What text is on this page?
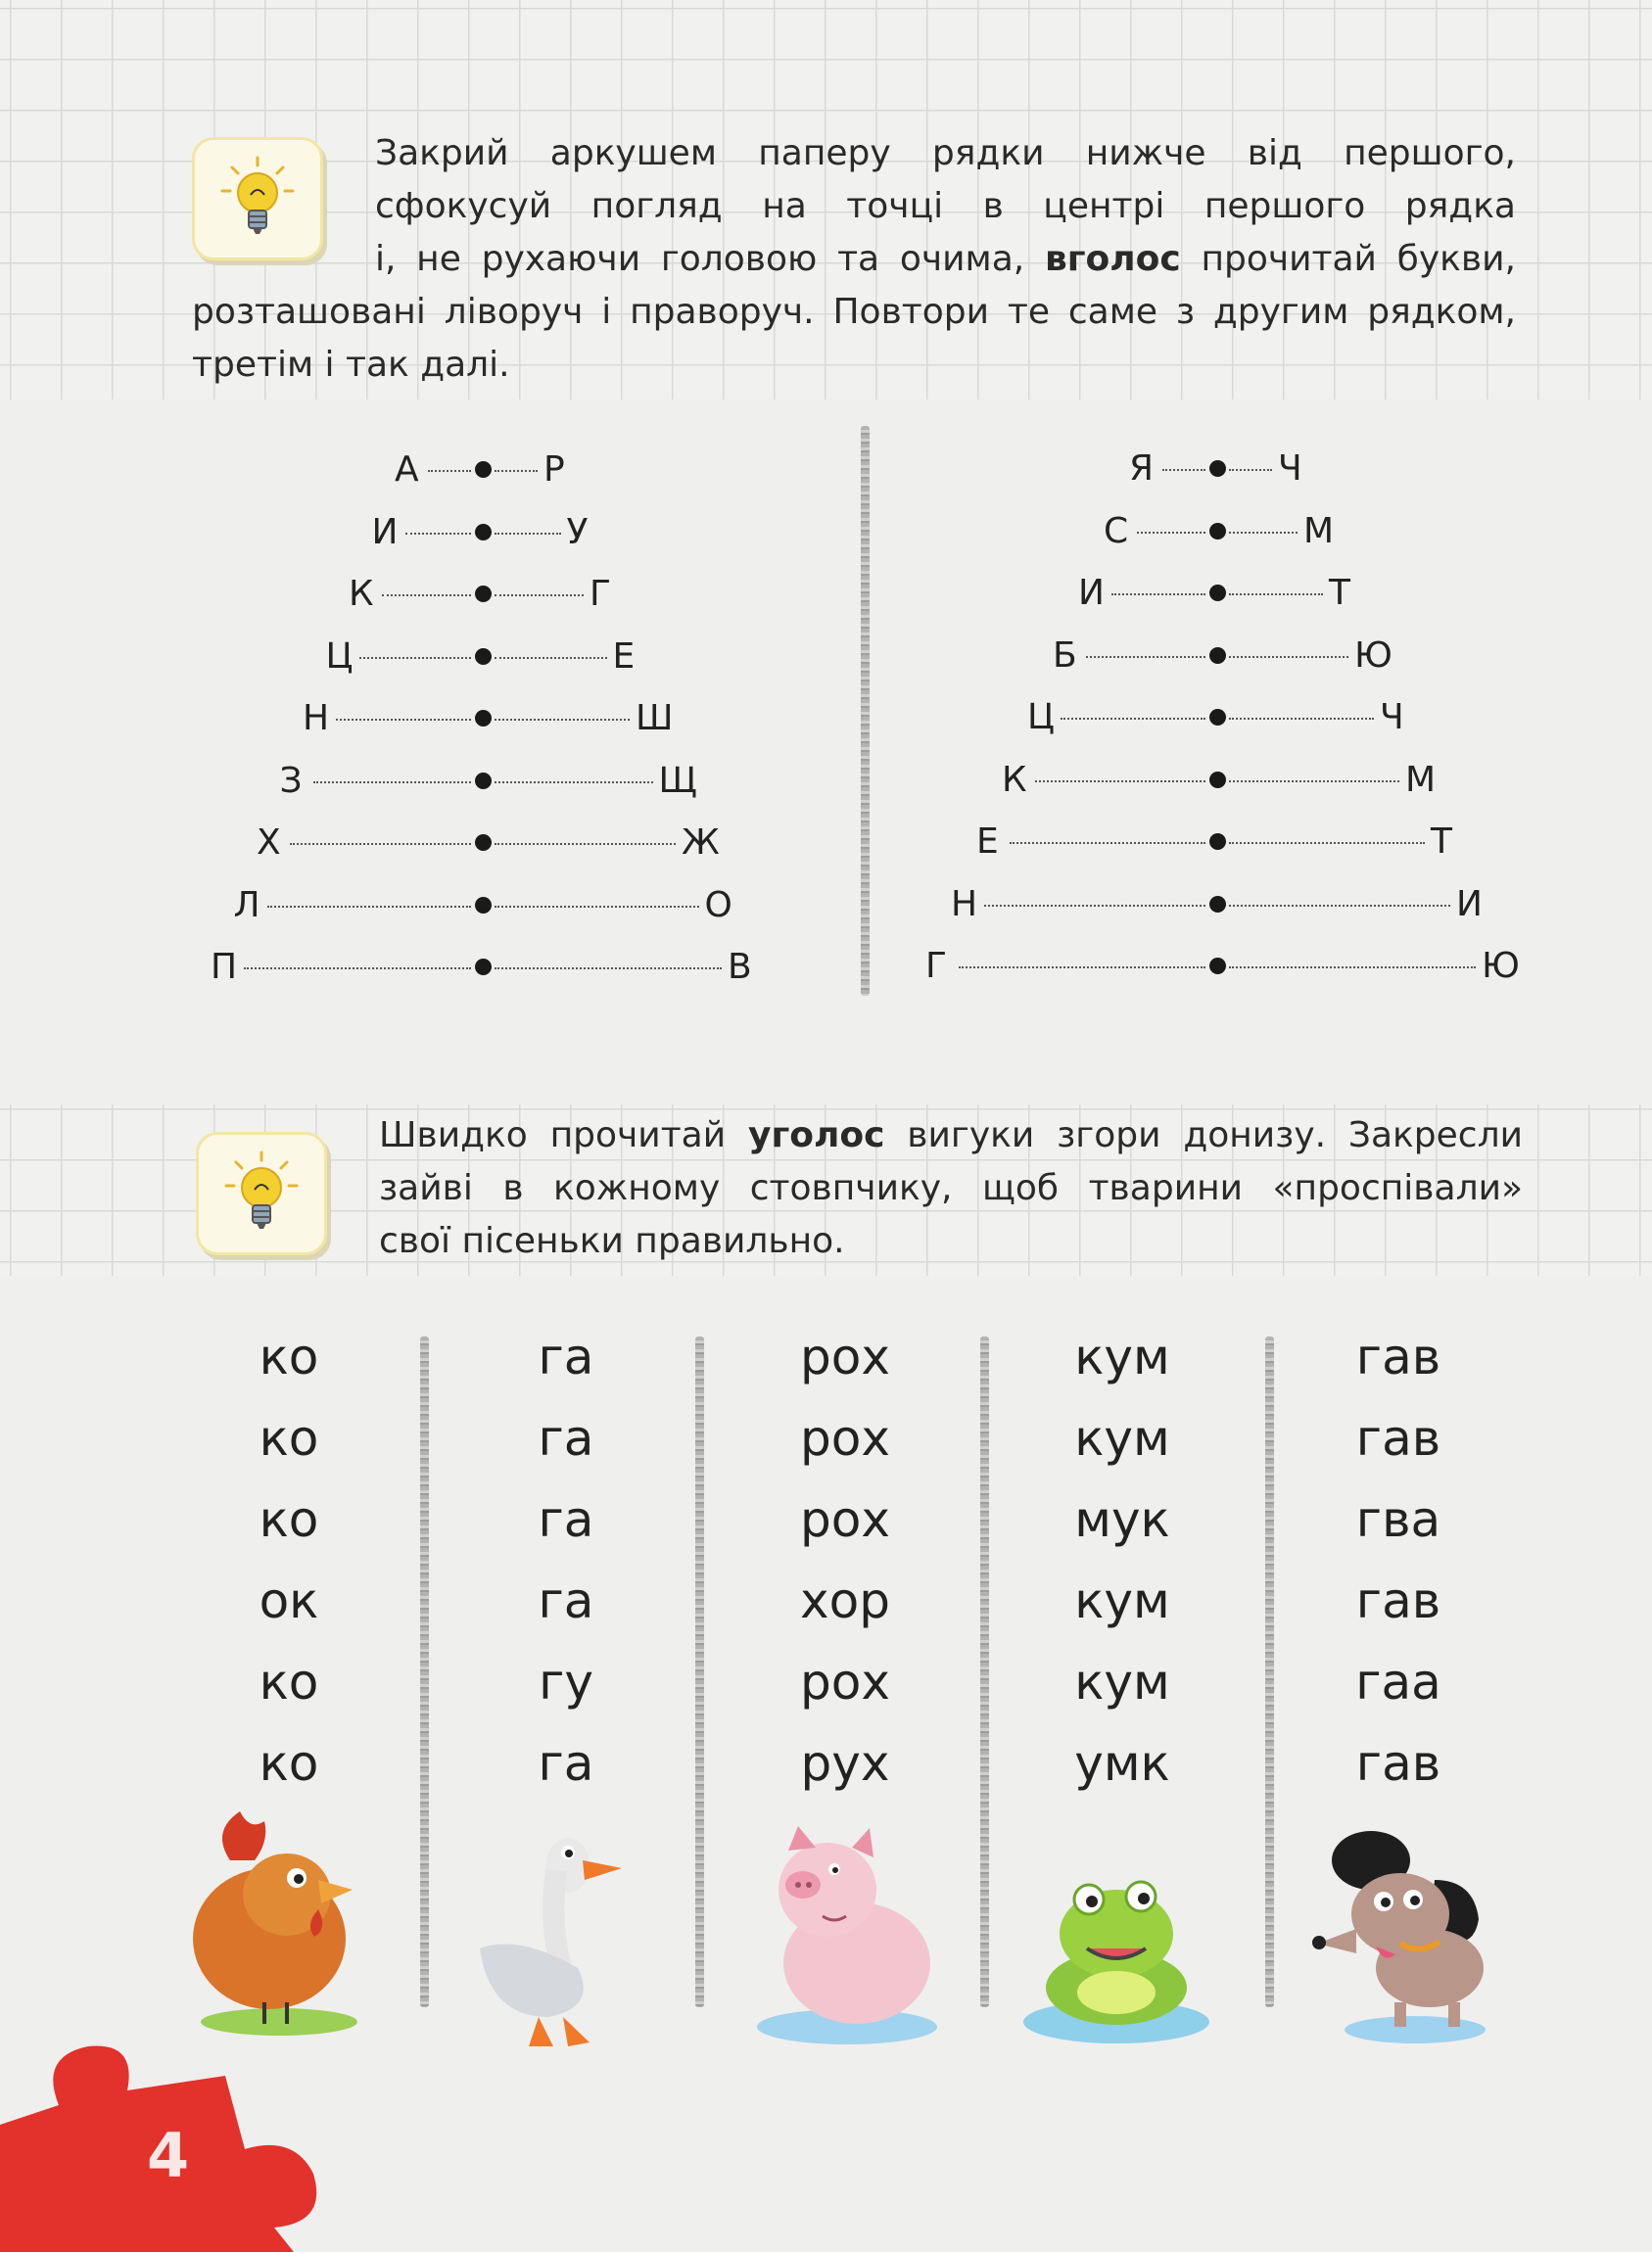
Закрий аркушем паперу рядки нижче від першого,
сфокусуй погляд на точці в центрі першого рядка
і, не рухаючи головою та очима, вголос прочитай букви,
розташовані ліворуч і праворуч. Повтори те саме з другим рядком,
третім і так далі.
А	Р
И	У
К	Г
Ц	Е
Н	Ш
З	Щ
Х	Ж
Л	О
П	В
Я	Ч
С	М
И	Т
Б	Ю
Ц	Ч
К	М
Е	Т
Н	И
Г	Ю
Швидко прочитай уголос вигуки згори донизу. Закресли
зайві в кожному стовпчику, щоб тварини «проспівали»
свої пісеньки правильно.
ко
ко
ко
ок
ко
ко
га
га
га
га
гу
га
рох
рох
рох
хор
рох
рух
кум
кум
мук
кум
кум
умк
гав
гав
гва
гав
гаа
гав
4
